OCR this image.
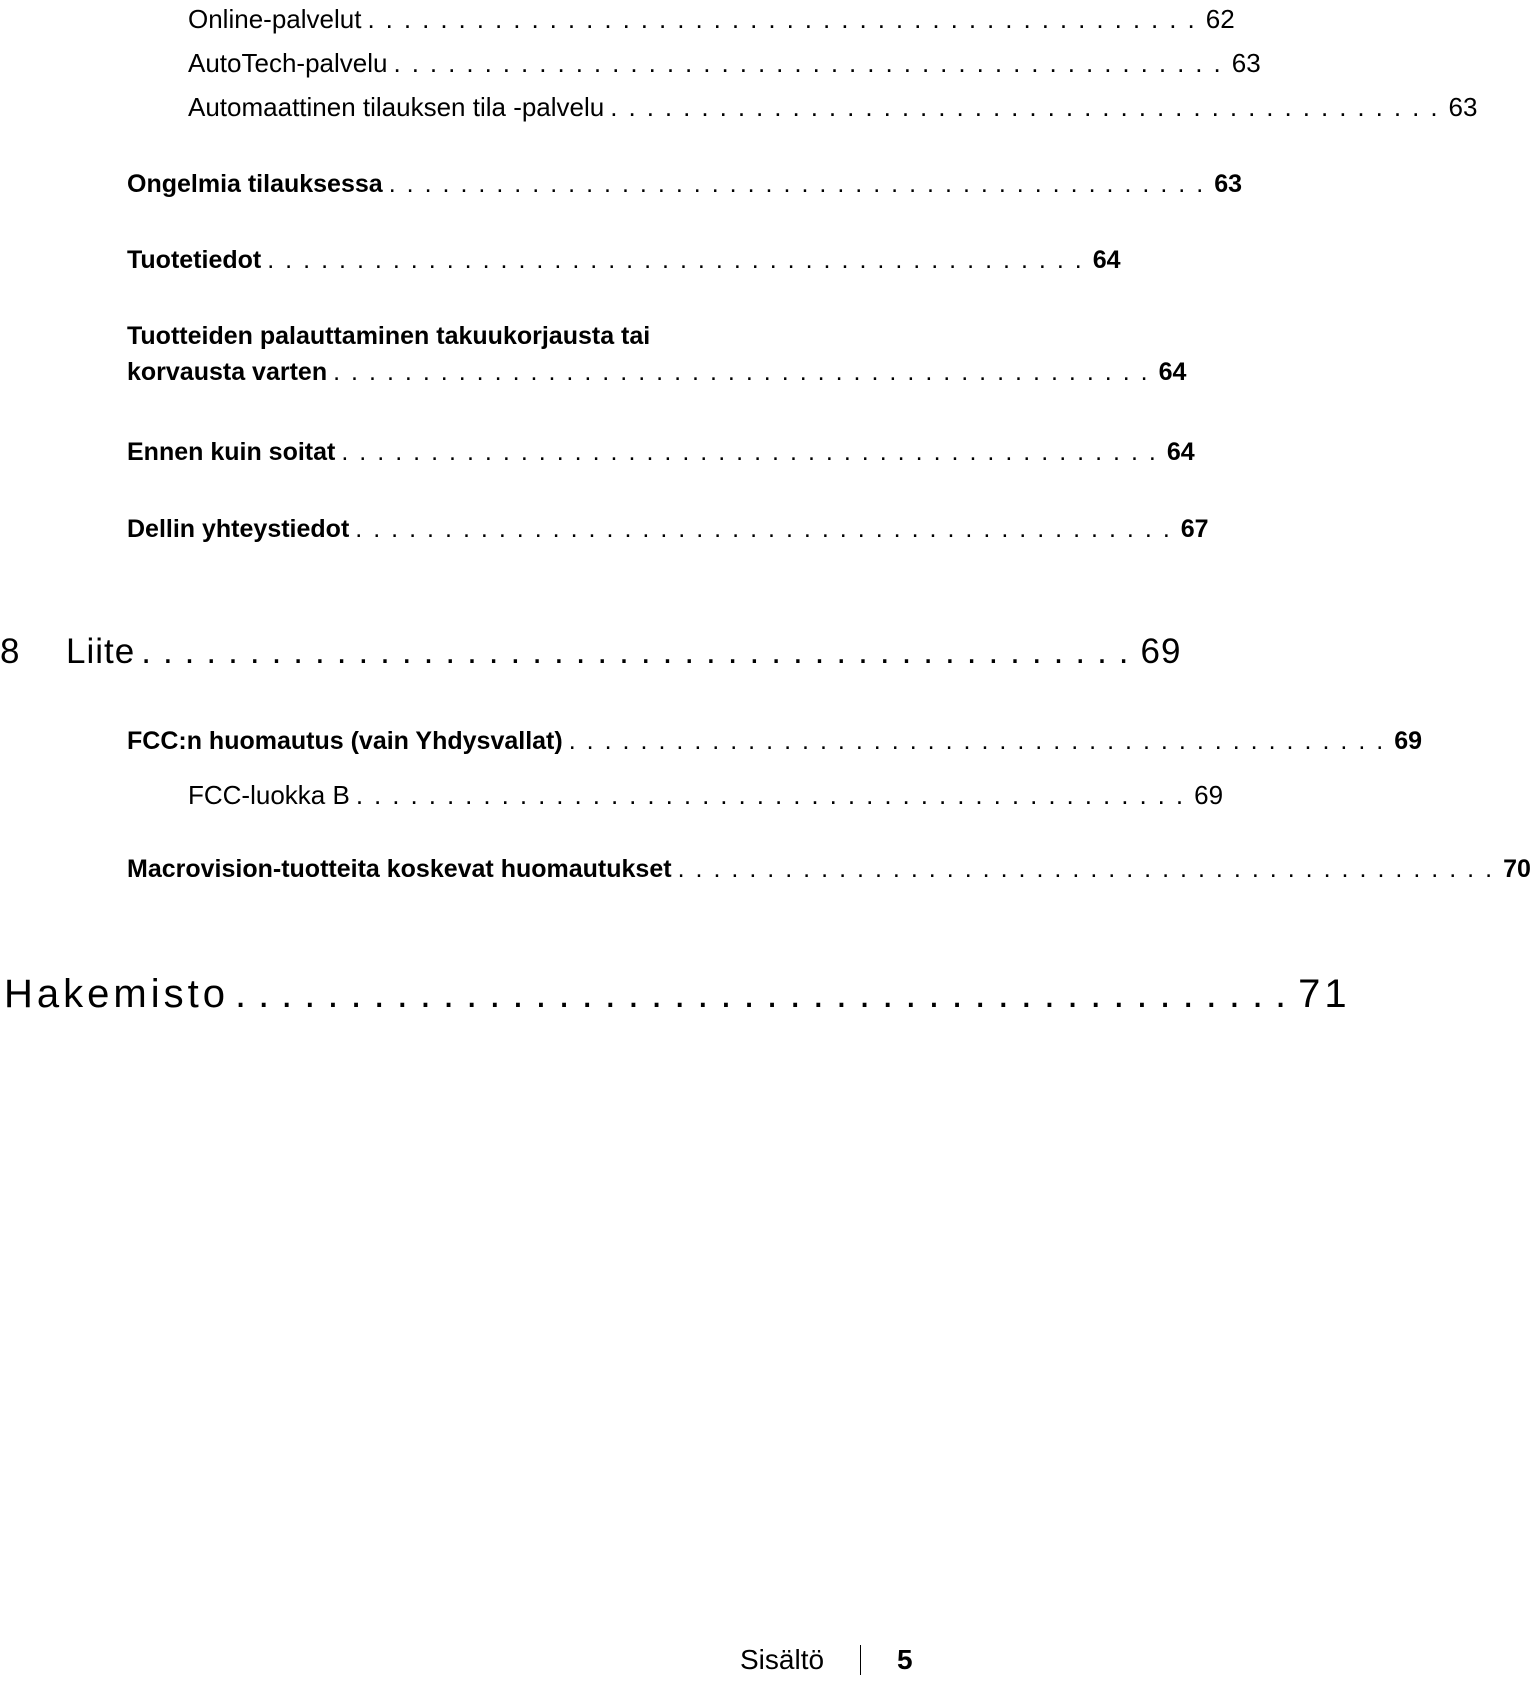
Online-palvelut .............................................. 62
AutoTech-palvelu .............................................. 63
Automaattinen tilauksen tila -palvelu .............................................. 63
Ongelmia tilauksessa .............................................. 63
Tuotetiedot .............................................. 64
Tuotteiden palauttaminen takuukorjausta tai
korvausta varten .............................................. 64
Ennen kuin soitat .............................................. 64
Dellin yhteystiedot .............................................. 67
8	Liite .............................................. 69
FCC:n huomautus (vain Yhdysvallat) .............................................. 69
FCC-luokka B .............................................. 69
Macrovision-tuotteita koskevat huomautukset .............................................. 70
Hakemisto .............................................. 71
Sisältö	5
